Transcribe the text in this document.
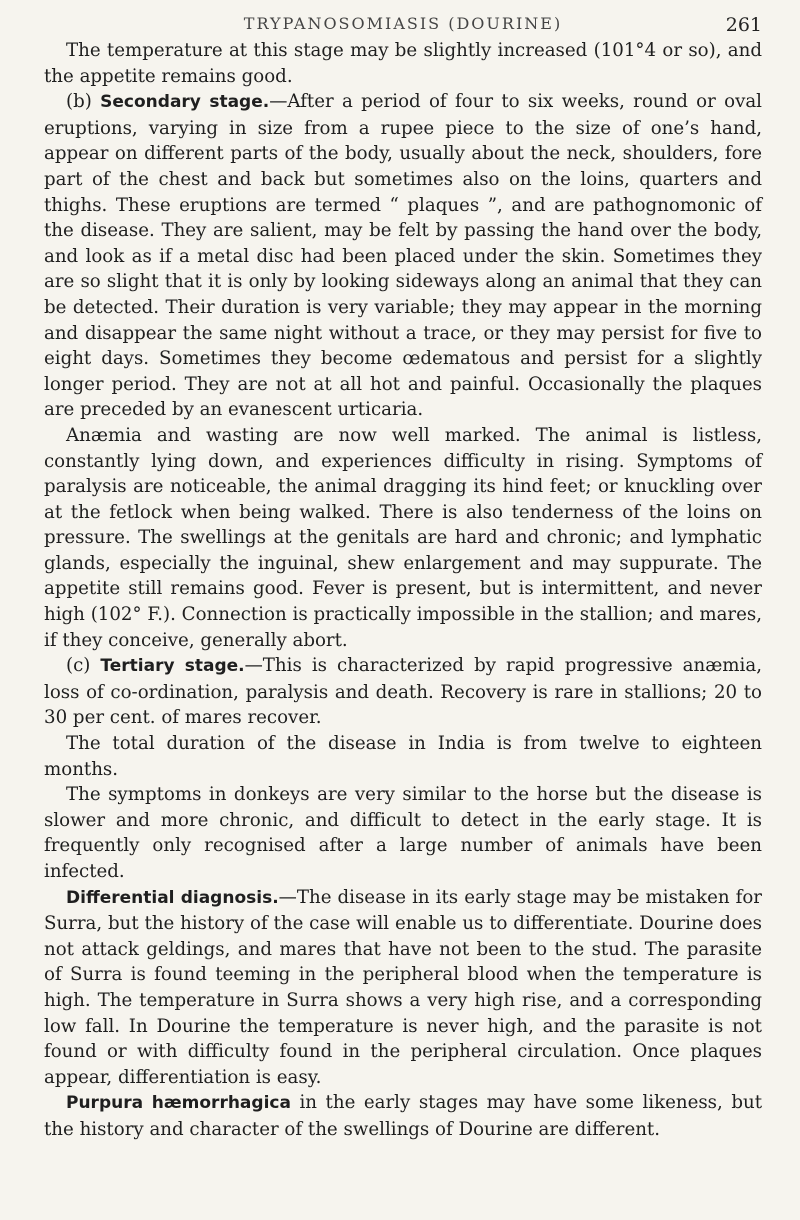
TRYPANOSOMIASIS (DOURINE)	261

The temperature at this stage may be slightly increased (101°4 or so), and the appetite remains good.

(b) Secondary stage.—After a period of four to six weeks, round or oval eruptions, varying in size from a rupee piece to the size of one’s hand, appear on different parts of the body, usually about the neck, shoulders, fore part of the chest and back but sometimes also on the loins, quarters and thighs. These eruptions are termed “ plaques ”, and are pathognomonic of the disease. They are salient, may be felt by passing the hand over the body, and look as if a metal disc had been placed under the skin. Sometimes they are so slight that it is only by looking sideways along an animal that they can be detected. Their duration is very variable; they may appear in the morning and disappear the same night without a trace, or they may persist for five to eight days. Sometimes they become œdematous and persist for a slightly longer period. They are not at all hot and painful. Occasionally the plaques are preceded by an evanescent urticaria.

Anæmia and wasting are now well marked. The animal is listless, constantly lying down, and experiences difficulty in rising. Symptoms of paralysis are noticeable, the animal dragging its hind feet; or knuckling over at the fetlock when being walked. There is also tenderness of the loins on pressure. The swellings at the genitals are hard and chronic; and lymphatic glands, especially the inguinal, shew enlargement and may suppurate. The appetite still remains good. Fever is present, but is intermittent, and never high (102° F.). Connection is practically impossible in the stallion; and mares, if they conceive, generally abort.

(c) Tertiary stage.—This is characterized by rapid progressive anæmia, loss of co-ordination, paralysis and death. Recovery is rare in stallions; 20 to 30 per cent. of mares recover.

The total duration of the disease in India is from twelve to eighteen months.

The symptoms in donkeys are very similar to the horse but the disease is slower and more chronic, and difficult to detect in the early stage. It is frequently only recognised after a large number of animals have been infected.

Differential diagnosis.—The disease in its early stage may be mistaken for Surra, but the history of the case will enable us to differentiate. Dourine does not attack geldings, and mares that have not been to the stud. The parasite of Surra is found teeming in the peripheral blood when the temperature is high. The temperature in Surra shows a very high rise, and a corresponding low fall. In Dourine the temperature is never high, and the parasite is not found or with difficulty found in the peripheral circulation. Once plaques appear, differentiation is easy.

Purpura hæmorrhagica in the early stages may have some likeness, but the history and character of the swellings of Dourine are different.
